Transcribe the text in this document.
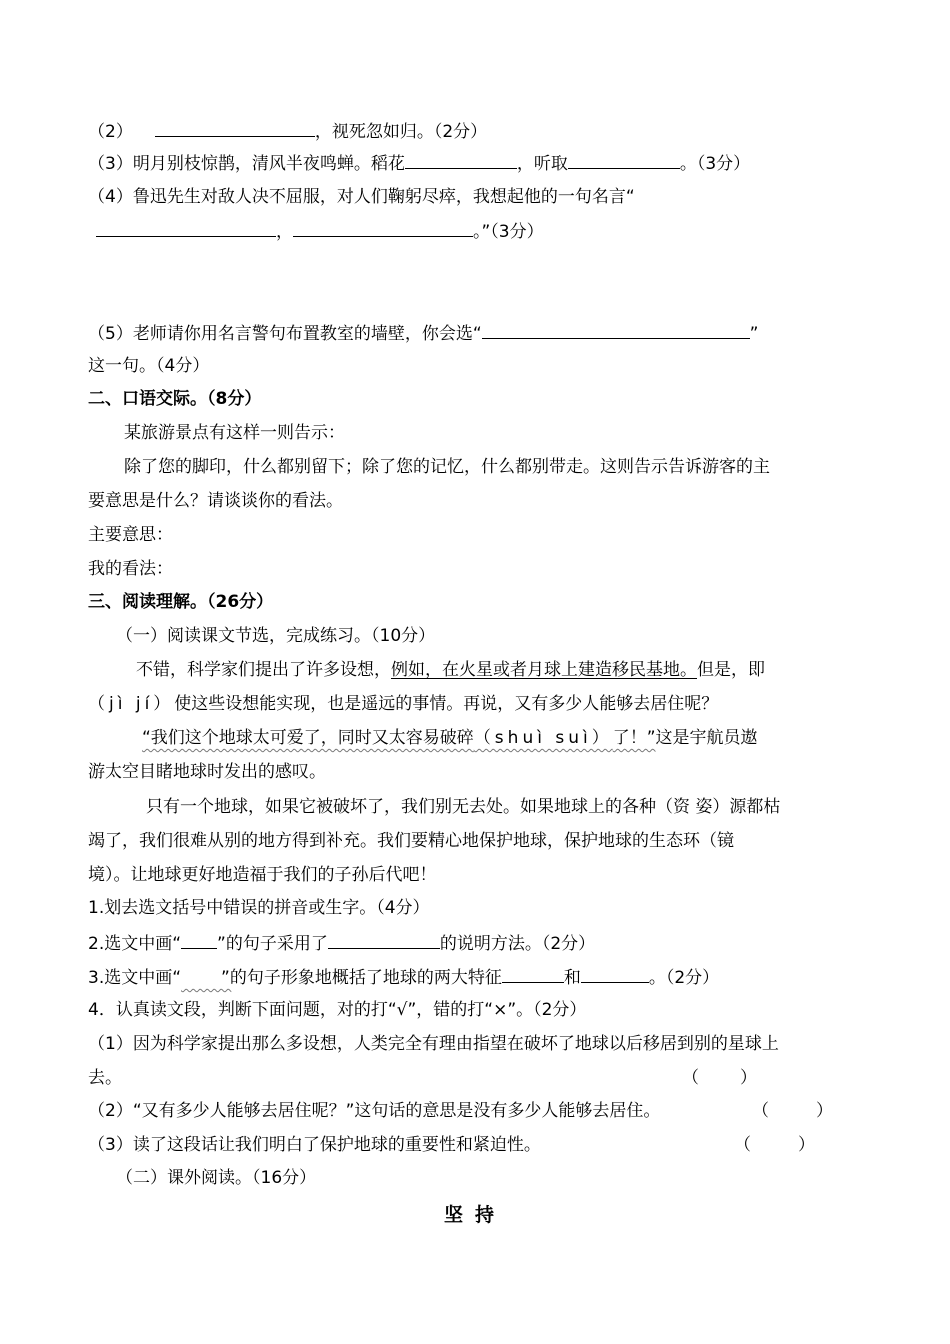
（2）	，视死忽如归。（2分）
（3）明月别枝惊鹊，清风半夜鸣蝉。稻花	，听取	。（3分）
（4）鲁迅先生对敌人决不屈服，对人们鞠躬尽瘁，我想起他的一句名言“
，	。”（3分）
（5）老师请你用名言警句布置教室的墙壁，你会选“	”
这一句。（4分）
二、口语交际。（8分）
某旅游景点有这样一则告示：
除了您的脚印，什么都别留下；除了您的记忆，什么都别带走。这则告示告诉游客的主
要意思是什么？请谈谈你的看法。
主要意思：
我的看法：
三、阅读理解。（26分）
（一）阅读课文节选，完成练习。（10分）
不错，科学家们提出了许多设想，例如，在火星或者月球上建造移民基地。但是，即
（jì jí）使这些设想能实现，也是遥远的事情。再说，又有多少人能够去居住呢？
“我们这个地球太可爱了，同时又太容易破碎（shuì suì）了！”这是宇航员遨
游太空目睹地球时发出的感叹。
只有一个地球，如果它被破坏了，我们别无去处。如果地球上的各种（资 姿）源都枯
竭了，我们很难从别的地方得到补充。我们要精心地保护地球，保护地球的生态环（镜
境）。让地球更好地造福于我们的子孙后代吧！
1.划去选文括号中错误的拼音或生字。（4分）
2.选文中画“ ”的句子采用了	的说明方法。（2分）
3.选文中画“ ”的句子形象地概括了地球的两大特征	和	。（2分）
4．认真读文段，判断下面问题，对的打“√”，错的打“×”。（2分）
（1）因为科学家提出那么多设想，人类完全有理由指望在破坏了地球以后移居到别的星球上
去。	（ ）
（2）“又有多少人能够去居住呢？”这句话的意思是没有多少人能够去居住。	（	）
（3）读了这段话让我们明白了保护地球的重要性和紧迫性。	（	）
（二）课外阅读。（16分）
坚持
